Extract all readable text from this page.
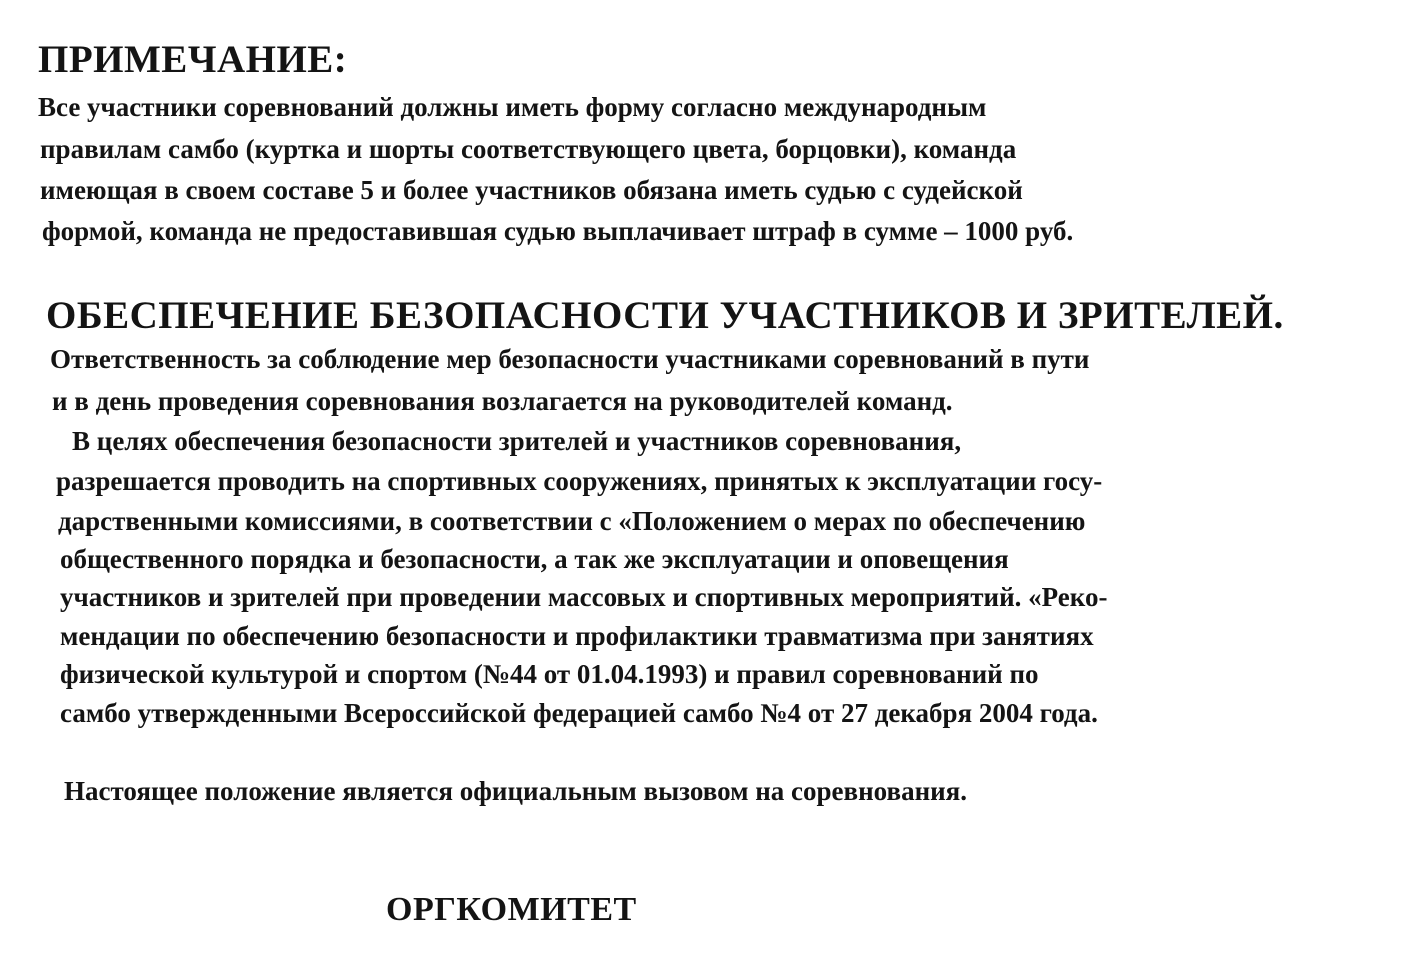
ПРИМЕЧАНИЕ:

Все участники соревнований должны иметь форму согласно международным

правилам самбо (куртка и шорты соответствующего цвета, борцовки), команда

имеющая в своем составе 5 и более участников обязана иметь судью с судейской

формой, команда не предоставившая судью выплачивает штраф в сумме – 1000 руб.

ОБЕСПЕЧЕНИЕ БЕЗОПАСНОСТИ УЧАСТНИКОВ И ЗРИТЕЛЕЙ.

Ответственность за соблюдение мер безопасности участниками соревнований в пути

и в день проведения соревнования возлагается на руководителей команд.

В целях обеспечения безопасности зрителей и участников соревнования,

разрешается проводить на спортивных сооружениях, принятых к эксплуатации госу-

дарственными комиссиями, в соответствии с «Положением о мерах по обеспечению

общественного порядка и безопасности, а так же эксплуатации и оповещения

участников и зрителей при проведении массовых и спортивных мероприятий. «Реко-

мендации по обеспечению безопасности и профилактики травматизма при занятиях

физической культурой и спортом (№44 от 01.04.1993) и правил соревнований по

самбо утвержденными Всероссийской федерацией самбо №4 от 27 декабря 2004 года.

Настоящее положение является официальным вызовом на соревнования.

ОРГКОМИТЕТ
